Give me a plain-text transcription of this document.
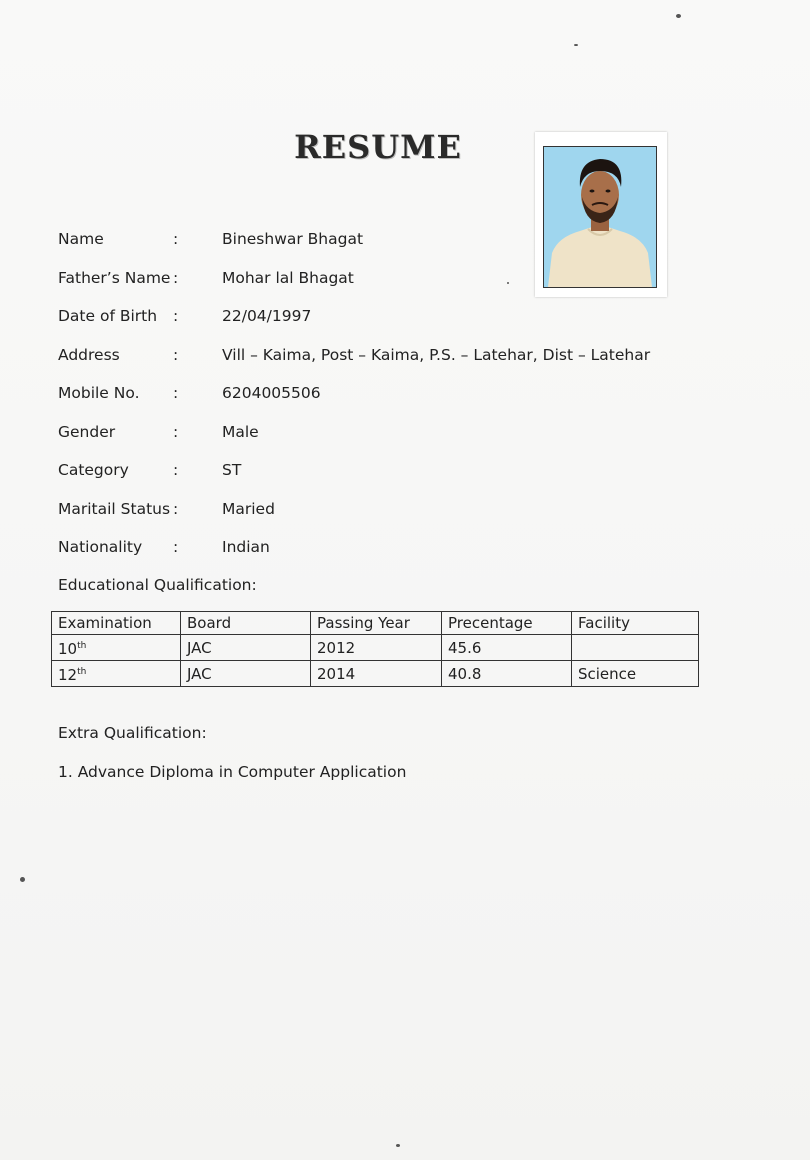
RESUME
Name	:	Bineshwar Bhagat
Father’s Name :	Mohar lal Bhagat
Date of Birth :	22/04/1997
Address	:	Vill – Kaima, Post – Kaima, P.S. – Latehar, Dist – Latehar
Mobile No. :	6204005506
Gender	:	Male
Category	:	ST
Maritail Status :	Maried
Nationality :	Indian
Educational Qualification:
Examination	Board	Passing Year	Precentage	Facility
10th	JAC	2012	45.6	
12th	JAC	2014	40.8	Science
Extra Qualification:
1. Advance Diploma in Computer Application
